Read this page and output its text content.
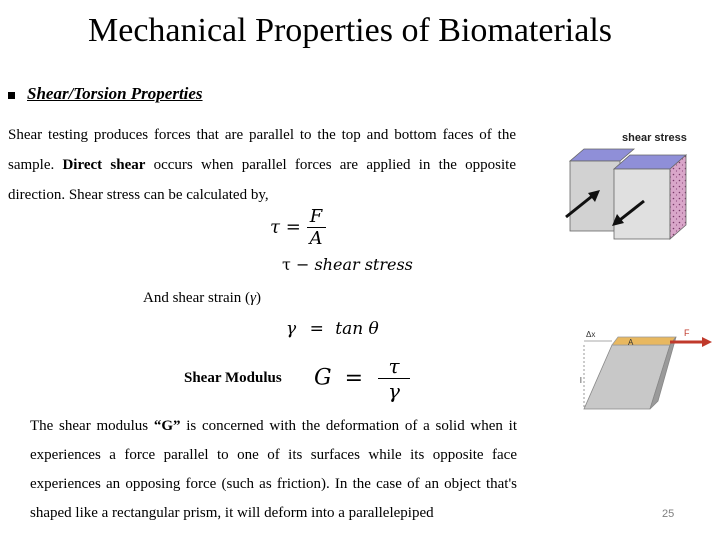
Mechanical Properties of Biomaterials
Shear/Torsion Properties
Shear testing produces forces that are parallel to the top and bottom faces of the sample. Direct shear occurs when parallel forces are applied in the opposite direction. Shear stress can be calculated by,
$\tau = \frac{F}{A}$
τ − shear stress
And shear strain (γ)
γ = tan θ
Shear Modulus $G = \frac{\tau}{\gamma}$
The shear modulus “G” is concerned with the deformation of a solid when it experiences a force parallel to one of its surfaces while its opposite face experiences an opposing force (such as friction). In the case of an object that's shaped like a rectangular prism, it will deform into a parallelepiped
shear stress
Δx
A
l
F
25
